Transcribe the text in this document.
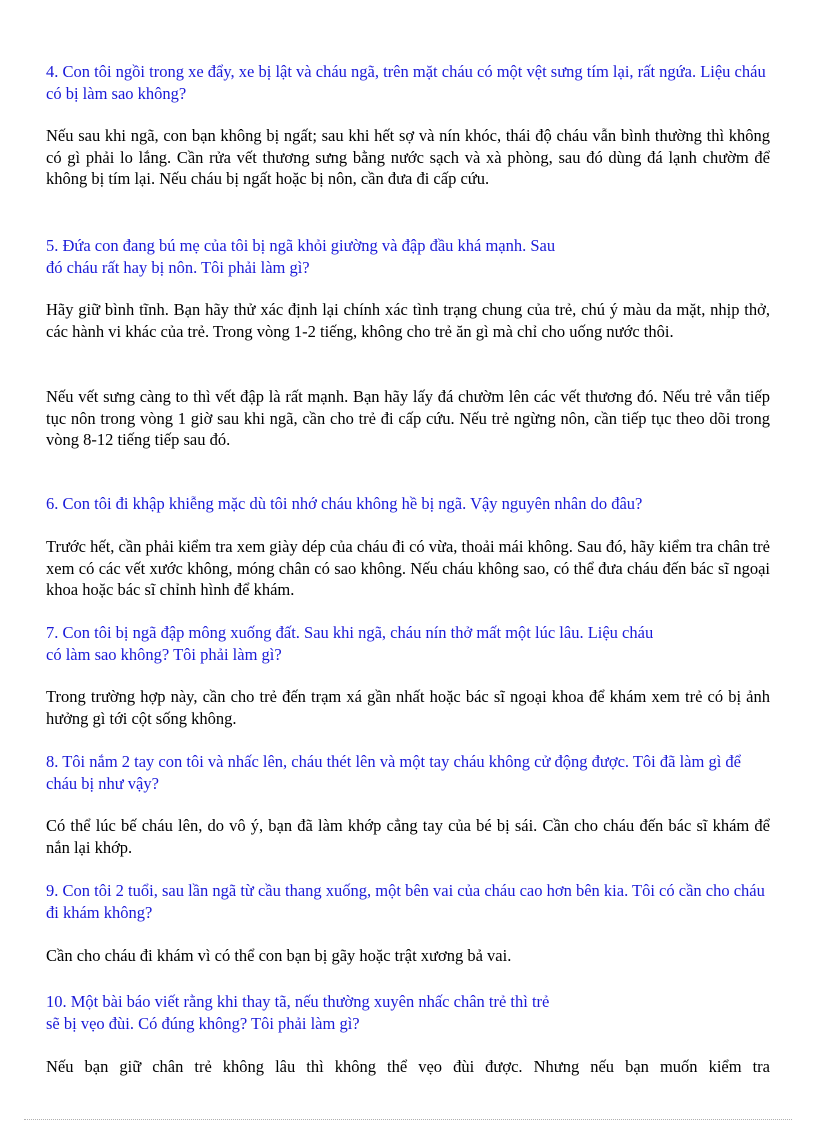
4. Con tôi ngồi trong xe đẩy, xe bị lật và cháu ngã, trên mặt cháu có một vệt sưng tím lại, rất ngứa. Liệu cháu có bị làm sao không?

Nếu sau khi ngã, con bạn không bị ngất; sau khi hết sợ và nín khóc, thái độ cháu vẫn bình thường thì không có gì phải lo lắng. Cần rửa vết thương sưng bằng nước sạch và xà phòng, sau đó dùng đá lạnh chườm để không bị tím lại. Nếu cháu bị ngất hoặc bị nôn, cần đưa đi cấp cứu.

5. Đứa con đang bú mẹ của tôi bị ngã khỏi giường và đập đầu khá mạnh. Sau
đó cháu rất hay bị nôn. Tôi phải làm gì?

Hãy giữ bình tĩnh. Bạn hãy thử xác định lại chính xác tình trạng chung của trẻ, chú ý màu da mặt, nhịp thở, các hành vi khác của trẻ. Trong vòng 1-2 tiếng, không cho trẻ ăn gì mà chỉ cho uống nước thôi.

Nếu vết sưng càng to thì vết đập là rất mạnh. Bạn hãy lấy đá chườm lên các vết thương đó. Nếu trẻ vẫn tiếp tục nôn trong vòng 1 giờ sau khi ngã, cần cho trẻ đi cấp cứu. Nếu trẻ ngừng nôn, cần tiếp tục theo dõi trong vòng 8-12 tiếng tiếp sau đó.

6. Con tôi đi khập khiễng mặc dù tôi nhớ cháu không hề bị ngã. Vậy nguyên nhân do đâu?

Trước hết, cần phải kiểm tra xem giày dép của cháu đi có vừa, thoải mái không. Sau đó, hãy kiểm tra chân trẻ xem có các vết xước không, móng chân có sao không. Nếu cháu không sao, có thể đưa cháu đến bác sĩ ngoại khoa hoặc bác sĩ chỉnh hình để khám.

7. Con tôi bị ngã đập mông xuống đất. Sau khi ngã, cháu nín thở mất một lúc lâu. Liệu cháu
có làm sao không? Tôi phải làm gì?

Trong trường hợp này, cần cho trẻ đến trạm xá gần nhất hoặc bác sĩ ngoại khoa để khám xem trẻ có bị ảnh hưởng gì tới cột sống không.

8. Tôi nắm 2 tay con tôi và nhấc lên, cháu thét lên và một tay cháu không cử động được. Tôi đã làm gì để cháu bị như vậy?

Có thể lúc bế cháu lên, do vô ý, bạn đã làm khớp cẳng tay của bé bị sái. Cần cho cháu đến bác sĩ khám để nắn lại khớp.

9. Con tôi 2 tuổi, sau lần ngã từ cầu thang xuống, một bên vai của cháu cao hơn bên kia. Tôi có cần cho cháu đi khám không?

Cần cho cháu đi khám vì có thể con bạn bị gãy hoặc trật xương bả vai.

10. Một bài báo viết rằng khi thay tã, nếu thường xuyên nhấc chân trẻ thì trẻ
sẽ bị vẹo đùi. Có đúng không? Tôi phải làm gì?

Nếu bạn giữ chân trẻ không lâu thì không thể vẹo đùi được. Nhưng nếu bạn muốn kiểm tra
